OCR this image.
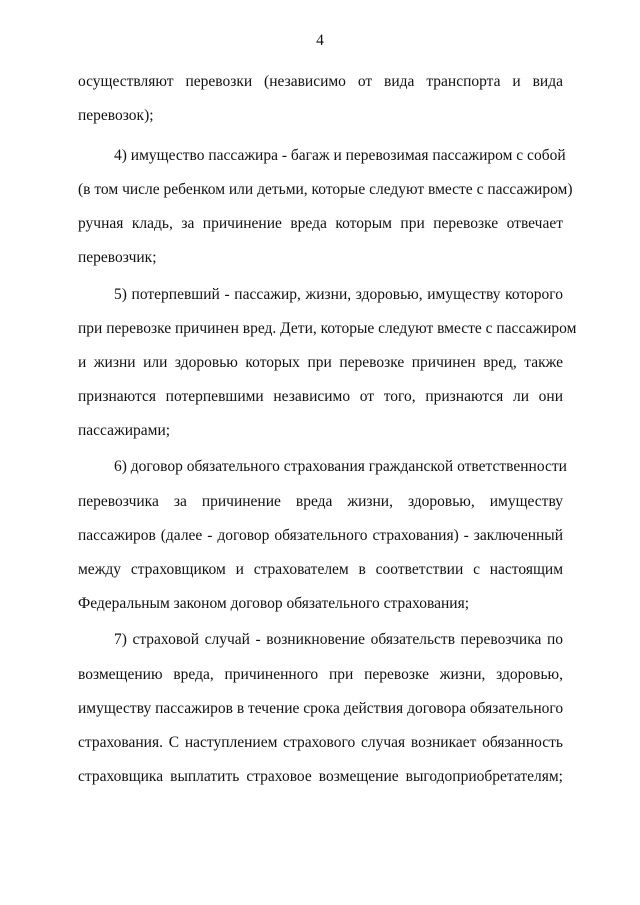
4
осуществляют перевозки (независимо от вида транспорта и вида
перевозок);
4) имущество пассажира - багаж и перевозимая пассажиром с собой
(в том числе ребенком или детьми, которые следуют вместе с пассажиром)
ручная кладь, за причинение вреда которым при перевозке отвечает
перевозчик;
5) потерпевший - пассажир, жизни, здоровью, имуществу которого
при перевозке причинен вред. Дети, которые следуют вместе с пассажиром
и жизни или здоровью которых при перевозке причинен вред, также
признаются потерпевшими независимо от того, признаются ли они
пассажирами;
6) договор обязательного страхования гражданской ответственности
перевозчика за причинение вреда жизни, здоровью, имуществу
пассажиров (далее - договор обязательного страхования) - заключенный
между страховщиком и страхователем в соответствии с настоящим
Федеральным законом договор обязательного страхования;
7) страховой случай - возникновение обязательств перевозчика по
возмещению вреда, причиненного при перевозке жизни, здоровью,
имуществу пассажиров в течение срока действия договора обязательного
страхования. С наступлением страхового случая возникает обязанность
страховщика выплатить страховое возмещение выгодоприобретателям;
